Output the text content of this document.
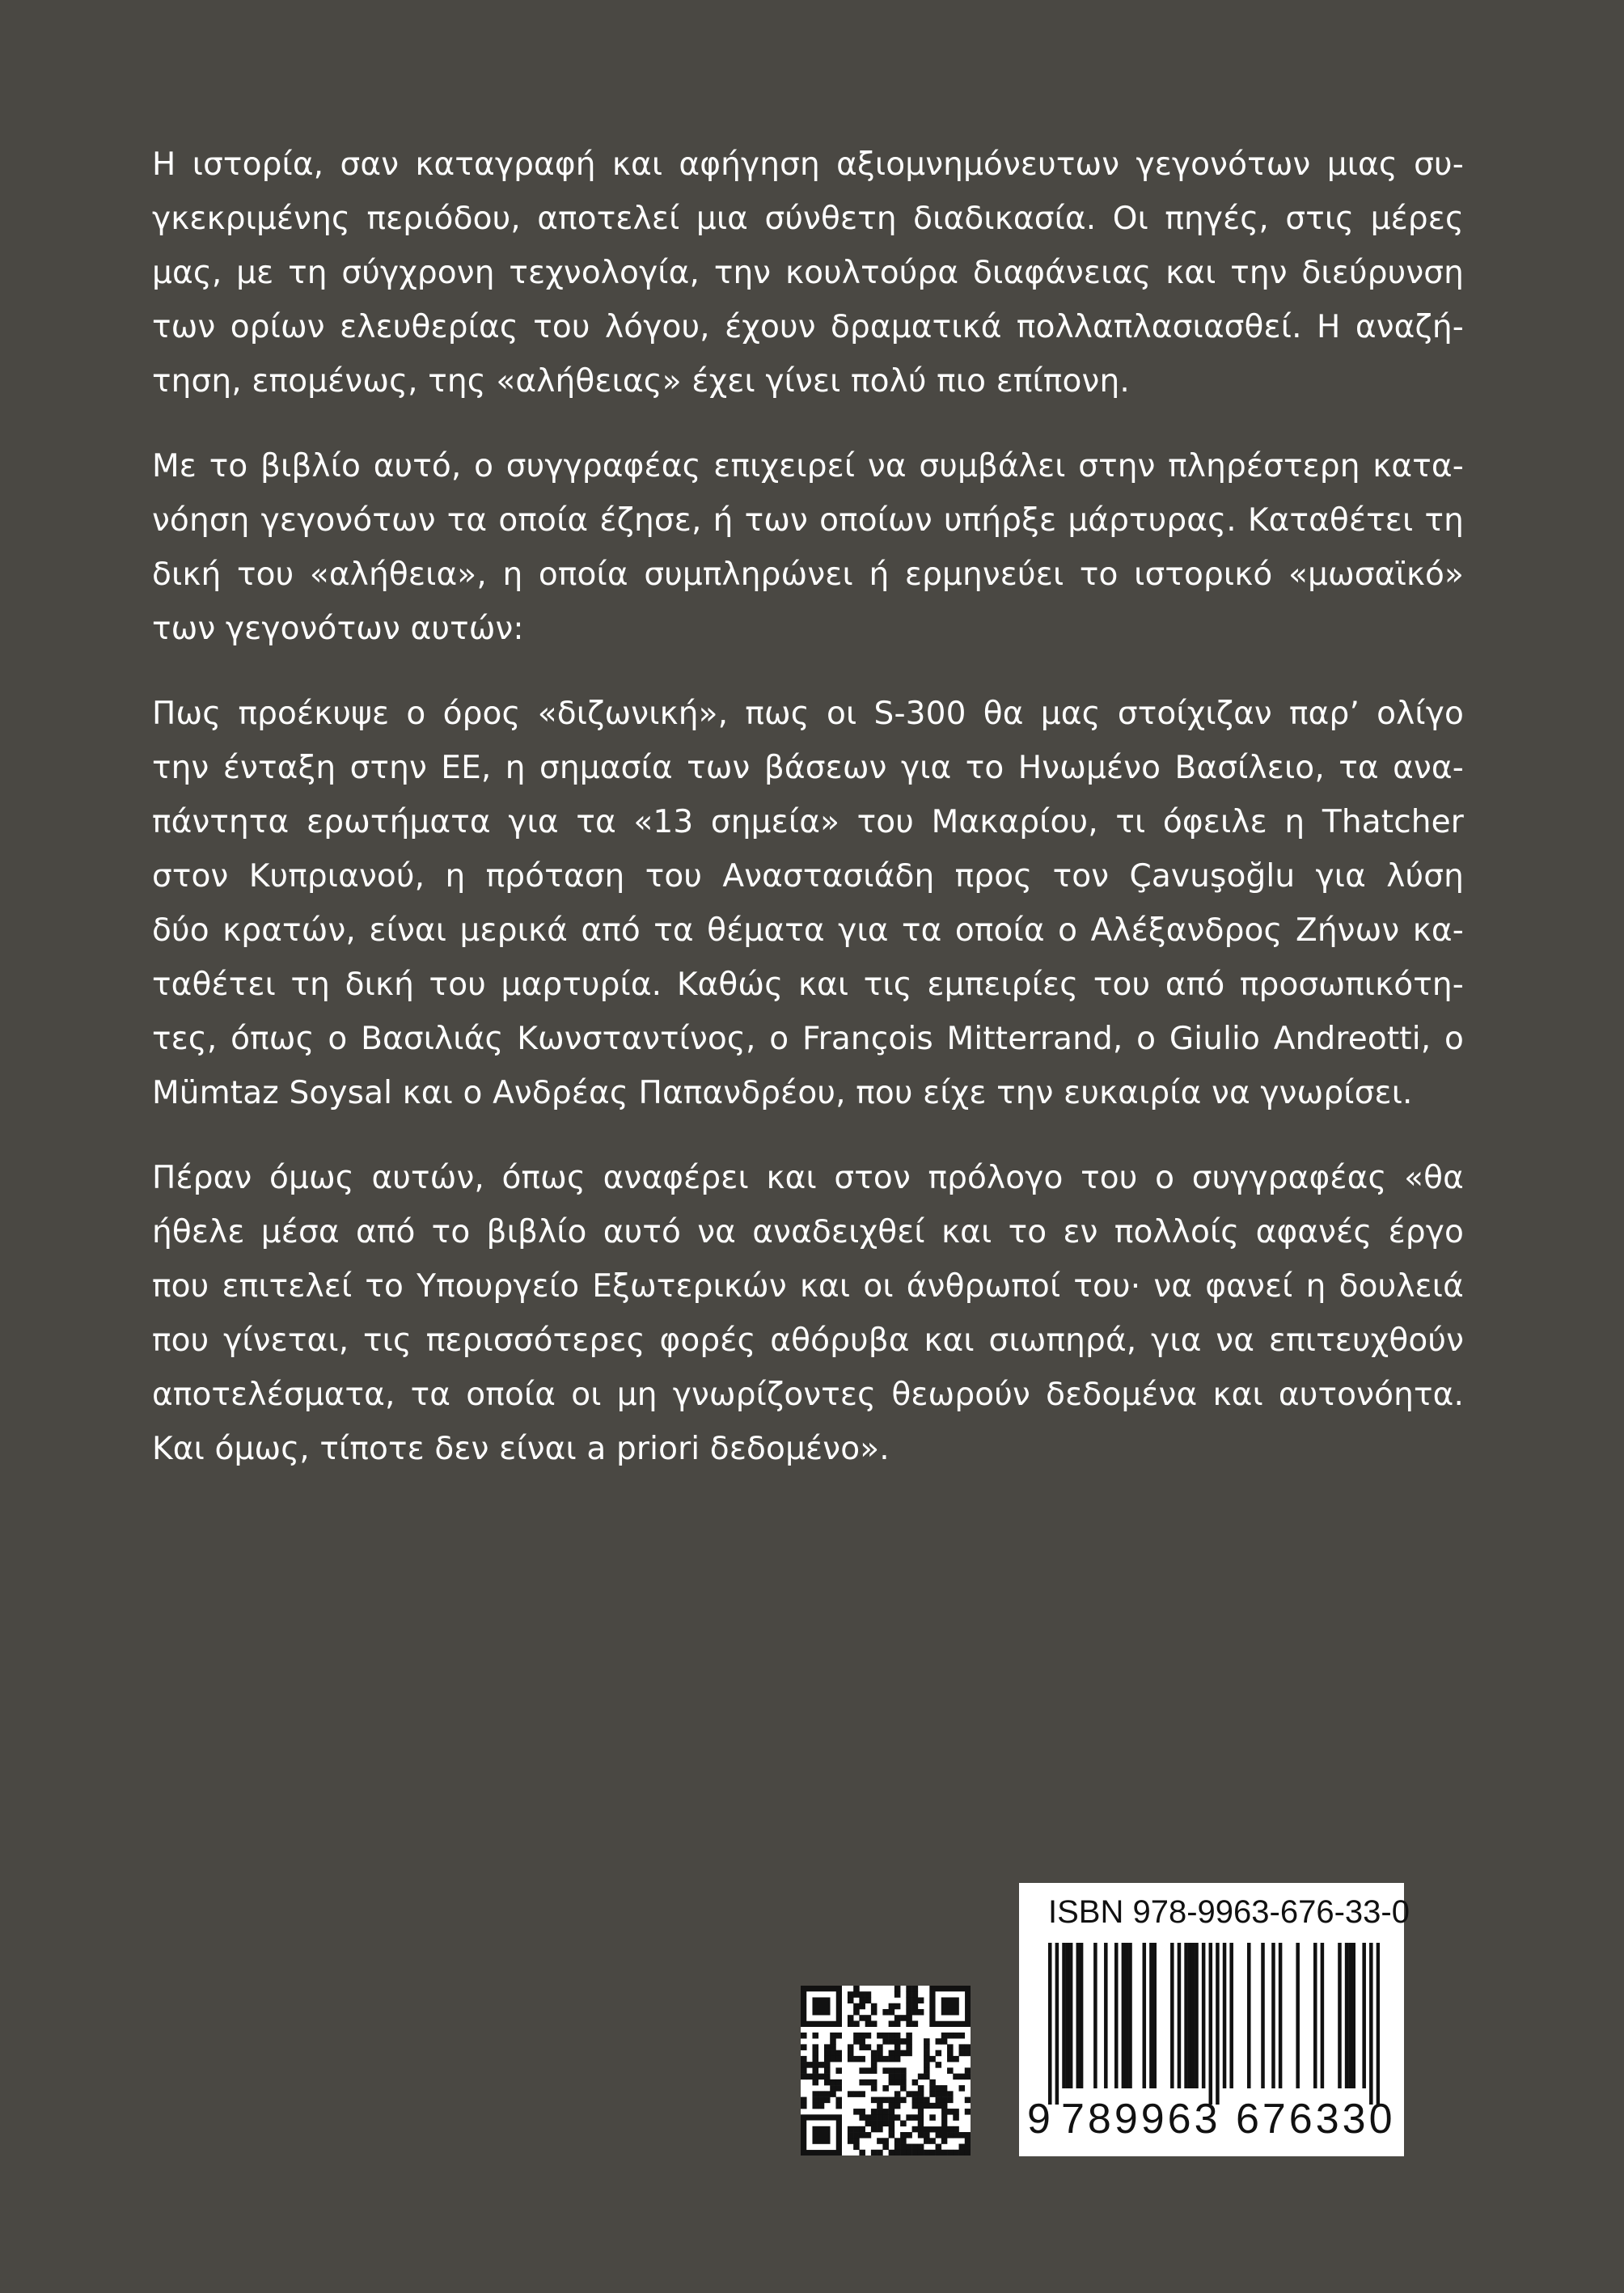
Η ιστορία, σαν καταγραφή και αφήγηση αξιομνημόνευτων γεγονότων μιας συ-
γκεκριμένης περιόδου, αποτελεί μια σύνθετη διαδικασία. Οι πηγές, στις μέρες
μας, με τη σύγχρονη τεχνολογία, την κουλτούρα διαφάνειας και την διεύρυνση
των ορίων ελευθερίας του λόγου, έχουν δραματικά πολλαπλασιασθεί. Η αναζή-
τηση, επομένως, της «αλήθειας» έχει γίνει πολύ πιο επίπονη.
Με το βιβλίο αυτό, ο συγγραφέας επιχειρεί να συμβάλει στην πληρέστερη κατα-
νόηση γεγονότων τα οποία έζησε, ή των οποίων υπήρξε μάρτυρας. Καταθέτει τη
δική του «αλήθεια», η οποία συμπληρώνει ή ερμηνεύει το ιστορικό «μωσαϊκό»
των γεγονότων αυτών:
Πως προέκυψε ο όρος «διζωνική», πως οι S-300 θα μας στοίχιζαν παρ’ ολίγο
την ένταξη στην ΕΕ, η σημασία των βάσεων για το Ηνωμένο Βασίλειο, τα ανα-
πάντητα ερωτήματα για τα «13 σημεία» του Μακαρίου, τι όφειλε η Thatcher
στον Κυπριανού, η πρόταση του Αναστασιάδη προς τον Çavuşoğlu για λύση
δύο κρατών, είναι μερικά από τα θέματα για τα οποία ο Αλέξανδρος Ζήνων κα-
ταθέτει τη δική του μαρτυρία. Καθώς και τις εμπειρίες του από προσωπικότη-
τες, όπως ο Βασιλιάς Κωνσταντίνος, ο François Mitterrand, ο Giulio Andreotti, ο
Mümtaz Soysal και ο Ανδρέας Παπανδρέου, που είχε την ευκαιρία να γνωρίσει.
Πέραν όμως αυτών, όπως αναφέρει και στον πρόλογο του ο συγγραφέας «θα
ήθελε μέσα από το βιβλίο αυτό να αναδειχθεί και το εν πολλοίς αφανές έργο
που επιτελεί το Υπουργείο Εξωτερικών και οι άνθρωποί του· να φανεί η δουλειά
που γίνεται, τις περισσότερες φορές αθόρυβα και σιωπηρά, για να επιτευχθούν
αποτελέσματα, τα οποία οι μη γνωρίζοντες θεωρούν δεδομένα και αυτονόητα.
Και όμως, τίποτε δεν είναι a priori δεδομένο».
ISBN 978-9963-676-33-0
9 789963 676330
